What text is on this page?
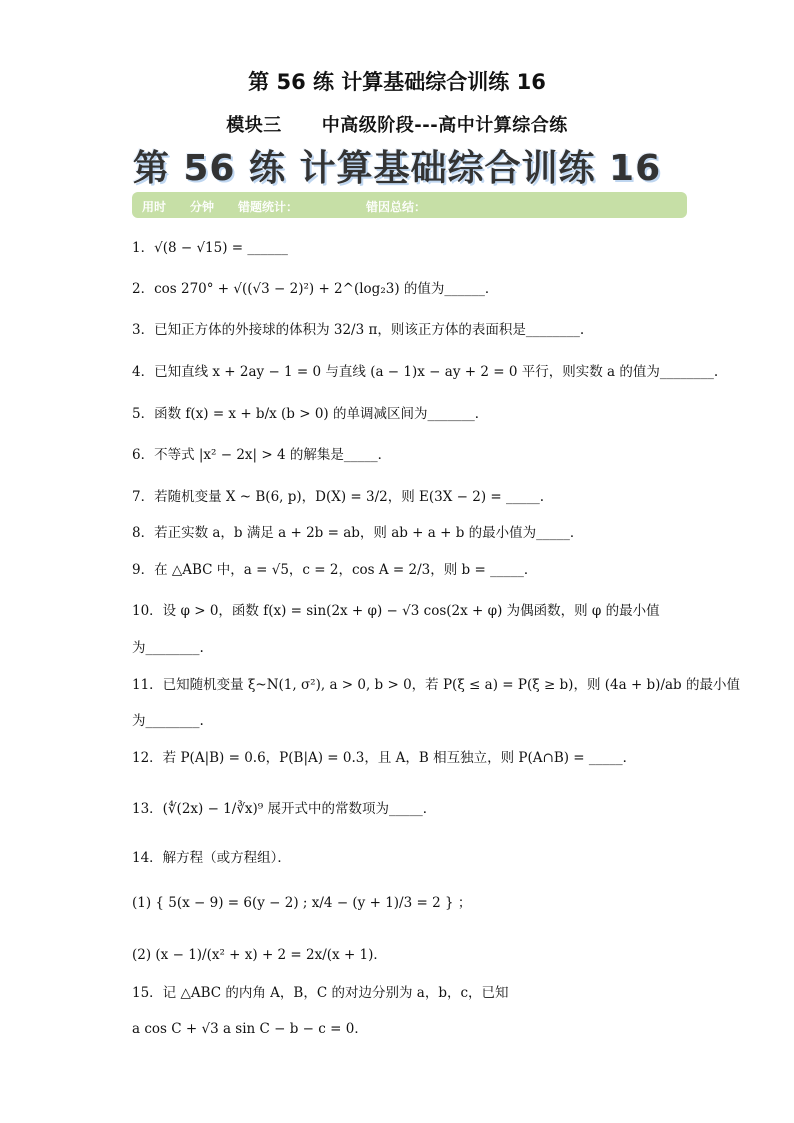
第 56 练 计算基础综合训练 16
模块三 中高级阶段---高中计算综合练
第 56 练 计算基础综合训练 16
用时 分钟 错题统计：	错因总结：
1．√(8 − √15) = ______
2．cos 270° + √((√3 − 2)²) + 2^(log₂3) 的值为______．
3．已知正方体的外接球的体积为 32/3 π，则该正方体的表面积是________.
4．已知直线 x + 2ay − 1 = 0 与直线 (a − 1)x − ay + 2 = 0 平行，则实数 a 的值为________.
5．函数 f(x) = x + b/x (b > 0) 的单调减区间为_______．
6．不等式 |x² − 2x| > 4 的解集是_____．
7．若随机变量 X ~ B(6, p)，D(X) = 3/2，则 E(3X − 2) = _____.
8．若正实数 a，b 满足 a + 2b = ab，则 ab + a + b 的最小值为_____．
9．在 △ABC 中，a = √5，c = 2，cos A = 2/3，则 b = _____．
10．设 φ > 0，函数 f(x) = sin(2x + φ) − √3 cos(2x + φ) 为偶函数，则 φ 的最小值
为________.
11．已知随机变量 ξ~N(1, σ²), a > 0, b > 0，若 P(ξ ≤ a) = P(ξ ≥ b)，则 (4a + b)/ab 的最小值
为________.
12．若 P(A|B) = 0.6，P(B|A) = 0.3，且 A，B 相互独立，则 P(A∩B) = _____．
13．(∜(2x) − 1/∛x)⁹ 展开式中的常数项为_____．
14．解方程（或方程组）．
(1) { 5(x − 9) = 6(y − 2) ; x/4 − (y + 1)/3 = 2 } ；
(2) (x − 1)/(x² + x) + 2 = 2x/(x + 1)．
15．记 △ABC 的内角 A，B，C 的对边分别为 a，b，c，已知
a cos C + √3 a sin C − b − c = 0．
